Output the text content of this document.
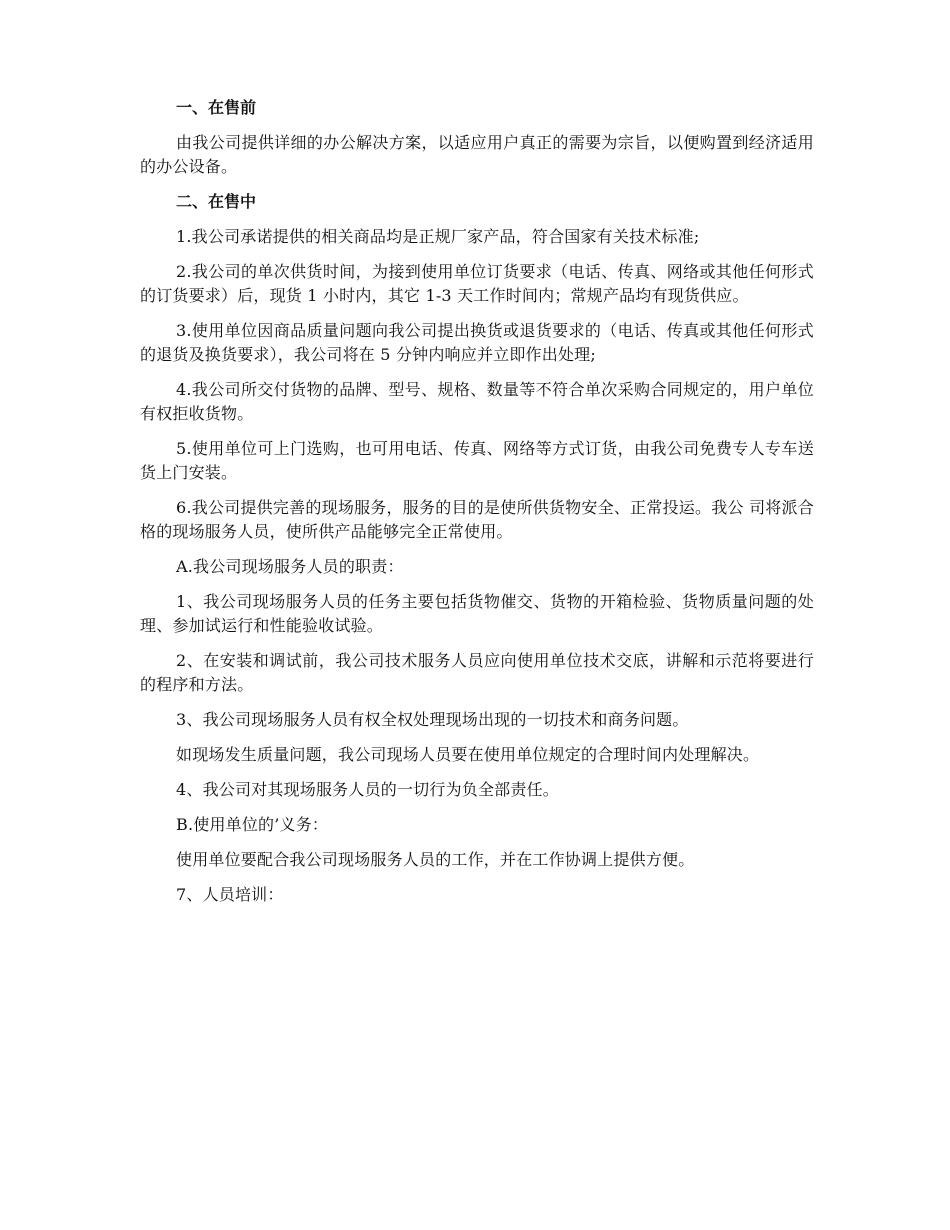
一、在售前

由我公司提供详细的办公解决方案，以适应用户真正的需要为宗旨，以便购置到经济适用的办公设备。

二、在售中

1.我公司承诺提供的相关商品均是正规厂家产品，符合国家有关技术标准;

2.我公司的单次供货时间，为接到使用单位订货要求（电话、传真、网络或其他任何形式的订货要求）后，现货 1 小时内，其它 1-3 天工作时间内；常规产品均有现货供应。

3.使用单位因商品质量问题向我公司提出换货或退货要求的（电话、传真或其他任何形式的退货及换货要求），我公司将在 5 分钟内响应并立即作出处理;

4.我公司所交付货物的品牌、型号、规格、数量等不符合单次采购合同规定的，用户单位有权拒收货物。

5.使用单位可上门选购，也可用电话、传真、网络等方式订货，由我公司免费专人专车送货上门安装。

6.我公司提供完善的现场服务，服务的目的是使所供货物安全、正常投运。我公 司将派合格的现场服务人员，使所供产品能够完全正常使用。

A.我公司现场服务人员的职责：

1、我公司现场服务人员的任务主要包括货物催交、货物的开箱检验、货物质量问题的处理、参加试运行和性能验收试验。

2、在安装和调试前，我公司技术服务人员应向使用单位技术交底，讲解和示范将要进行的程序和方法。

3、我公司现场服务人员有权全权处理现场出现的一切技术和商务问题。

如现场发生质量问题，我公司现场人员要在使用单位规定的合理时间内处理解决。

4、我公司对其现场服务人员的一切行为负全部责任。

B.使用单位的’义务：

使用单位要配合我公司现场服务人员的工作，并在工作协调上提供方便。

7、人员培训：
